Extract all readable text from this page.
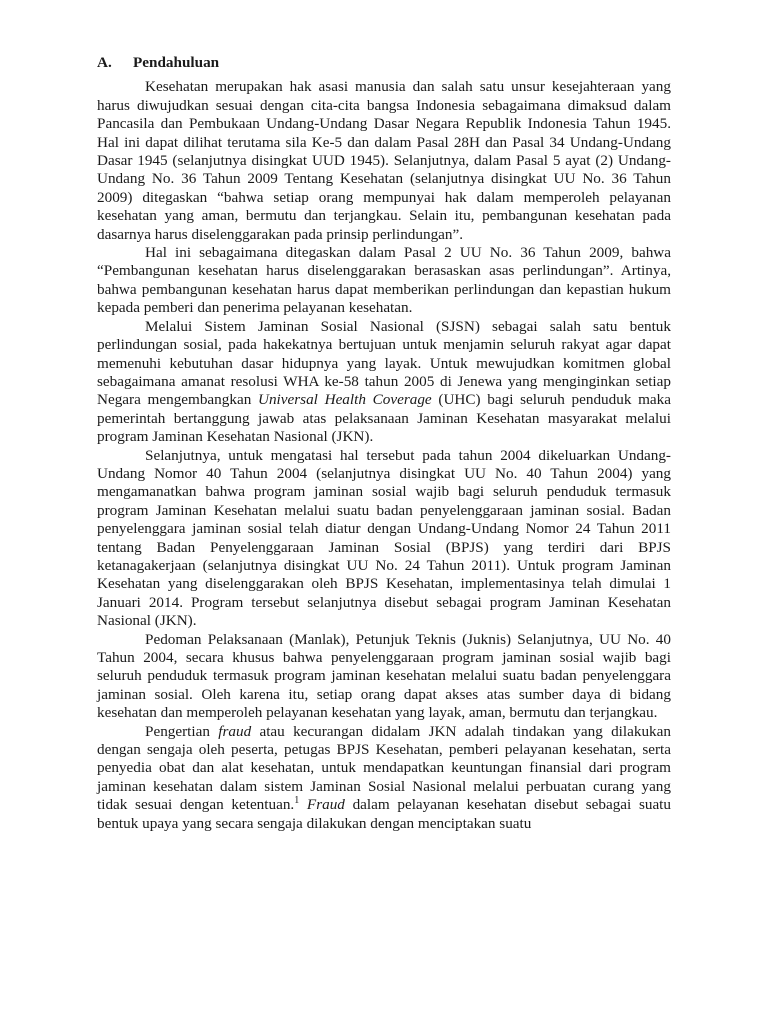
A.	Pendahuluan

Kesehatan merupakan hak asasi manusia dan salah satu unsur kesejahteraan yang harus diwujudkan sesuai dengan cita-cita bangsa Indonesia sebagaimana dimaksud dalam Pancasila dan Pembukaan Undang-Undang Dasar Negara Republik Indonesia Tahun 1945. Hal ini dapat dilihat terutama sila Ke-5 dan dalam Pasal 28H dan Pasal 34 Undang-Undang Dasar 1945 (selanjutnya disingkat UUD 1945). Selanjutnya, dalam Pasal 5 ayat (2) Undang-Undang No. 36 Tahun 2009 Tentang Kesehatan (selanjutnya disingkat UU No. 36 Tahun 2009) ditegaskan “bahwa setiap orang mempunyai hak dalam memperoleh pelayanan kesehatan yang aman, bermutu dan terjangkau. Selain itu, pembangunan kesehatan pada dasarnya harus diselenggarakan pada prinsip perlindungan”.

Hal ini sebagaimana ditegaskan dalam Pasal 2 UU No. 36 Tahun 2009, bahwa “Pembangunan kesehatan harus diselenggarakan berasaskan asas perlindungan”. Artinya, bahwa pembangunan kesehatan harus dapat memberikan perlindungan dan kepastian hukum kepada pemberi dan penerima pelayanan kesehatan.

Melalui Sistem Jaminan Sosial Nasional (SJSN) sebagai salah satu bentuk perlindungan sosial, pada hakekatnya bertujuan untuk menjamin seluruh rakyat agar dapat memenuhi kebutuhan dasar hidupnya yang layak. Untuk mewujudkan komitmen global sebagaimana amanat resolusi WHA ke-58 tahun 2005 di Jenewa yang menginginkan setiap Negara mengembangkan Universal Health Coverage (UHC) bagi seluruh penduduk maka pemerintah bertanggung jawab atas pelaksanaan Jaminan Kesehatan masyarakat melalui program Jaminan Kesehatan Nasional (JKN).

Selanjutnya, untuk mengatasi hal tersebut pada tahun 2004 dikeluarkan Undang-Undang Nomor 40 Tahun 2004 (selanjutnya disingkat UU No. 40 Tahun 2004) yang mengamanatkan bahwa program jaminan sosial wajib bagi seluruh penduduk termasuk program Jaminan Kesehatan melalui suatu badan penyelenggaraan jaminan sosial. Badan penyelenggara jaminan sosial telah diatur dengan Undang-Undang Nomor 24 Tahun 2011 tentang Badan Penyelenggaraan Jaminan Sosial (BPJS) yang terdiri dari BPJS ketanagakerjaan (selanjutnya disingkat UU No. 24 Tahun 2011). Untuk program Jaminan Kesehatan yang diselenggarakan oleh BPJS Kesehatan, implementasinya telah dimulai 1 Januari 2014. Program tersebut selanjutnya disebut sebagai program Jaminan Kesehatan Nasional (JKN).

Pedoman Pelaksanaan (Manlak), Petunjuk Teknis (Juknis) Selanjutnya, UU No. 40 Tahun 2004, secara khusus bahwa penyelenggaraan program jaminan sosial wajib bagi seluruh penduduk termasuk program jaminan kesehatan melalui suatu badan penyelenggara jaminan sosial. Oleh karena itu, setiap orang dapat akses atas sumber daya di bidang kesehatan dan memperoleh pelayanan kesehatan yang layak, aman, bermutu dan terjangkau.

Pengertian fraud atau kecurangan didalam JKN adalah tindakan yang dilakukan dengan sengaja oleh peserta, petugas BPJS Kesehatan, pemberi pelayanan kesehatan, serta penyedia obat dan alat kesehatan, untuk mendapatkan keuntungan finansial dari program jaminan kesehatan dalam sistem Jaminan Sosial Nasional melalui perbuatan curang yang tidak sesuai dengan ketentuan.$^1$ Fraud dalam pelayanan kesehatan disebut sebagai suatu bentuk upaya yang secara sengaja dilakukan dengan menciptakan suatu
